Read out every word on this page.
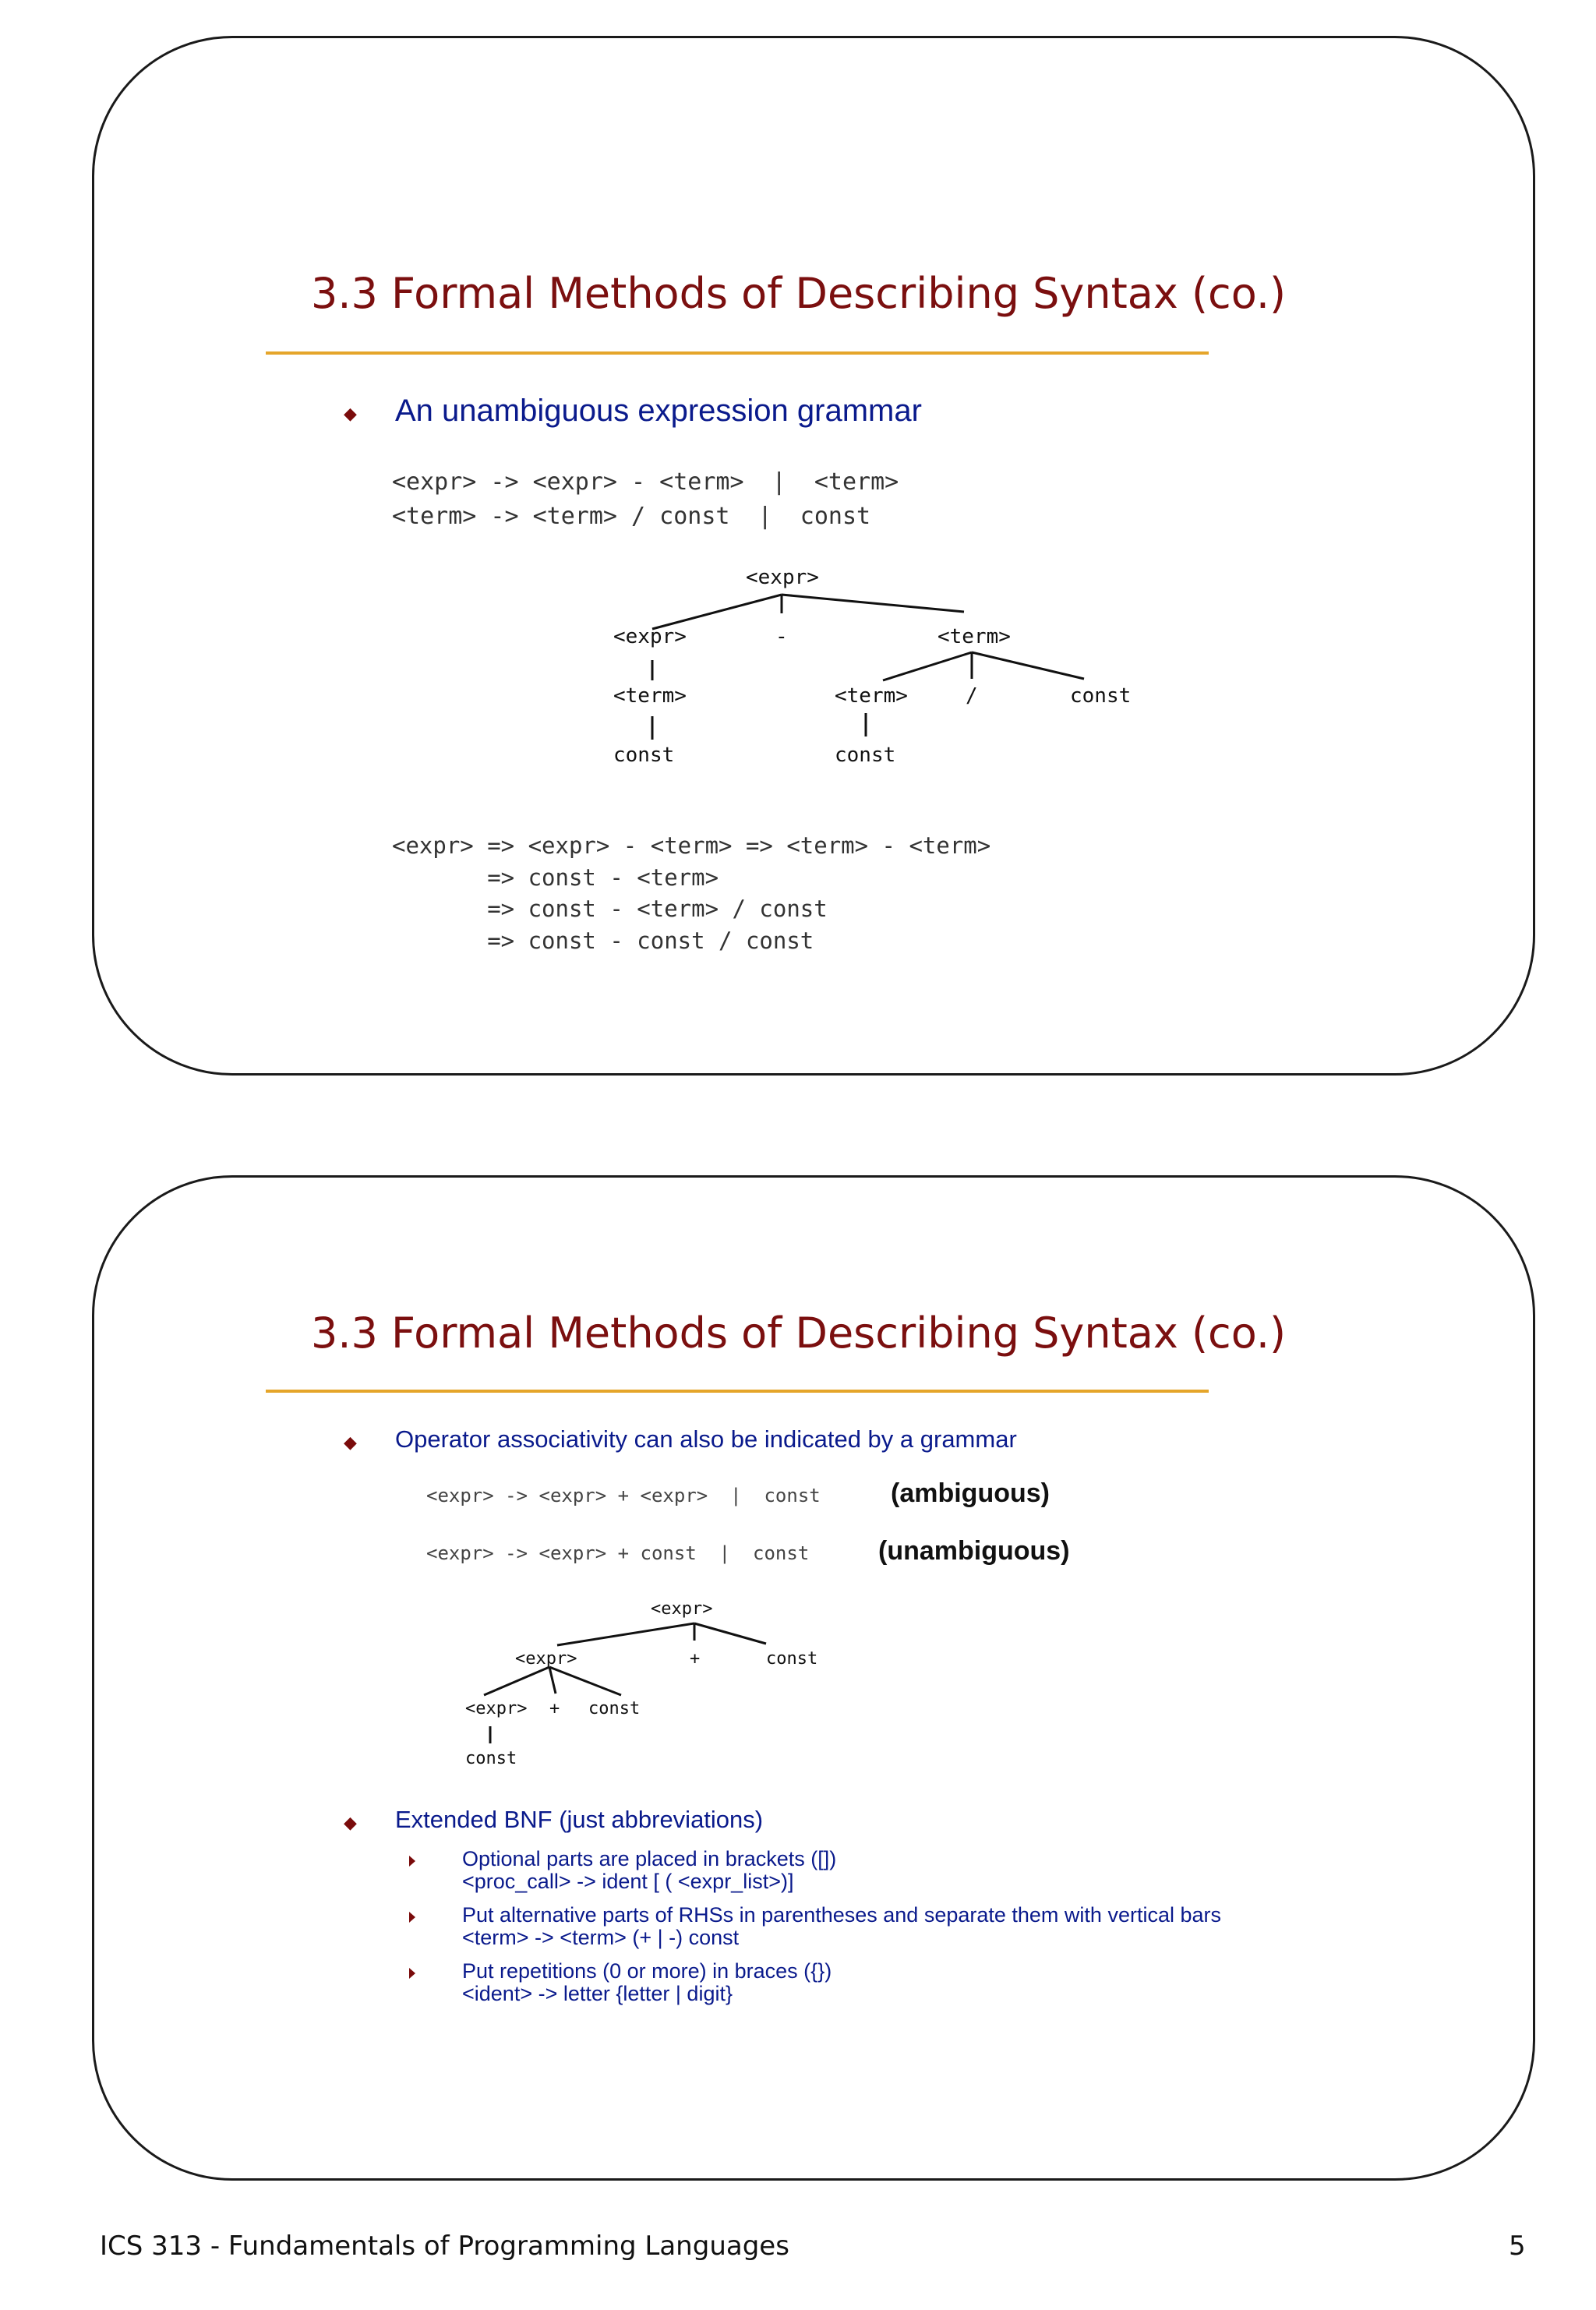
3.3 Formal Methods of Describing Syntax (co.)
◆ An unambiguous expression grammar
<expr> -> <expr> - <term>  |  <term>
<term> -> <term> / const  |  const
<expr>
<expr>	-	<term>
<term>	<term>	/	const
const	const
<expr> => <expr> - <term> => <term> - <term>
=> const - <term>
=> const - <term> / const
=> const - const / const
3.3 Formal Methods of Describing Syntax (co.)
◆ Operator associativity can also be indicated by a grammar
<expr> -> <expr> + <expr>  |  const	(ambiguous)
<expr> -> <expr> + const  |  const	(unambiguous)
<expr>
<expr>	+	const
<expr> + const
const
◆ Extended BNF (just abbreviations)
Optional parts are placed in brackets ([])
<proc_call> -> ident [ ( <expr_list>)]
Put alternative parts of RHSs in parentheses and separate them with vertical bars
<term> -> <term> (+ | -) const
Put repetitions (0 or more) in braces ({})
<ident> -> letter {letter | digit}
ICS 313 - Fundamentals of Programming Languages	5
